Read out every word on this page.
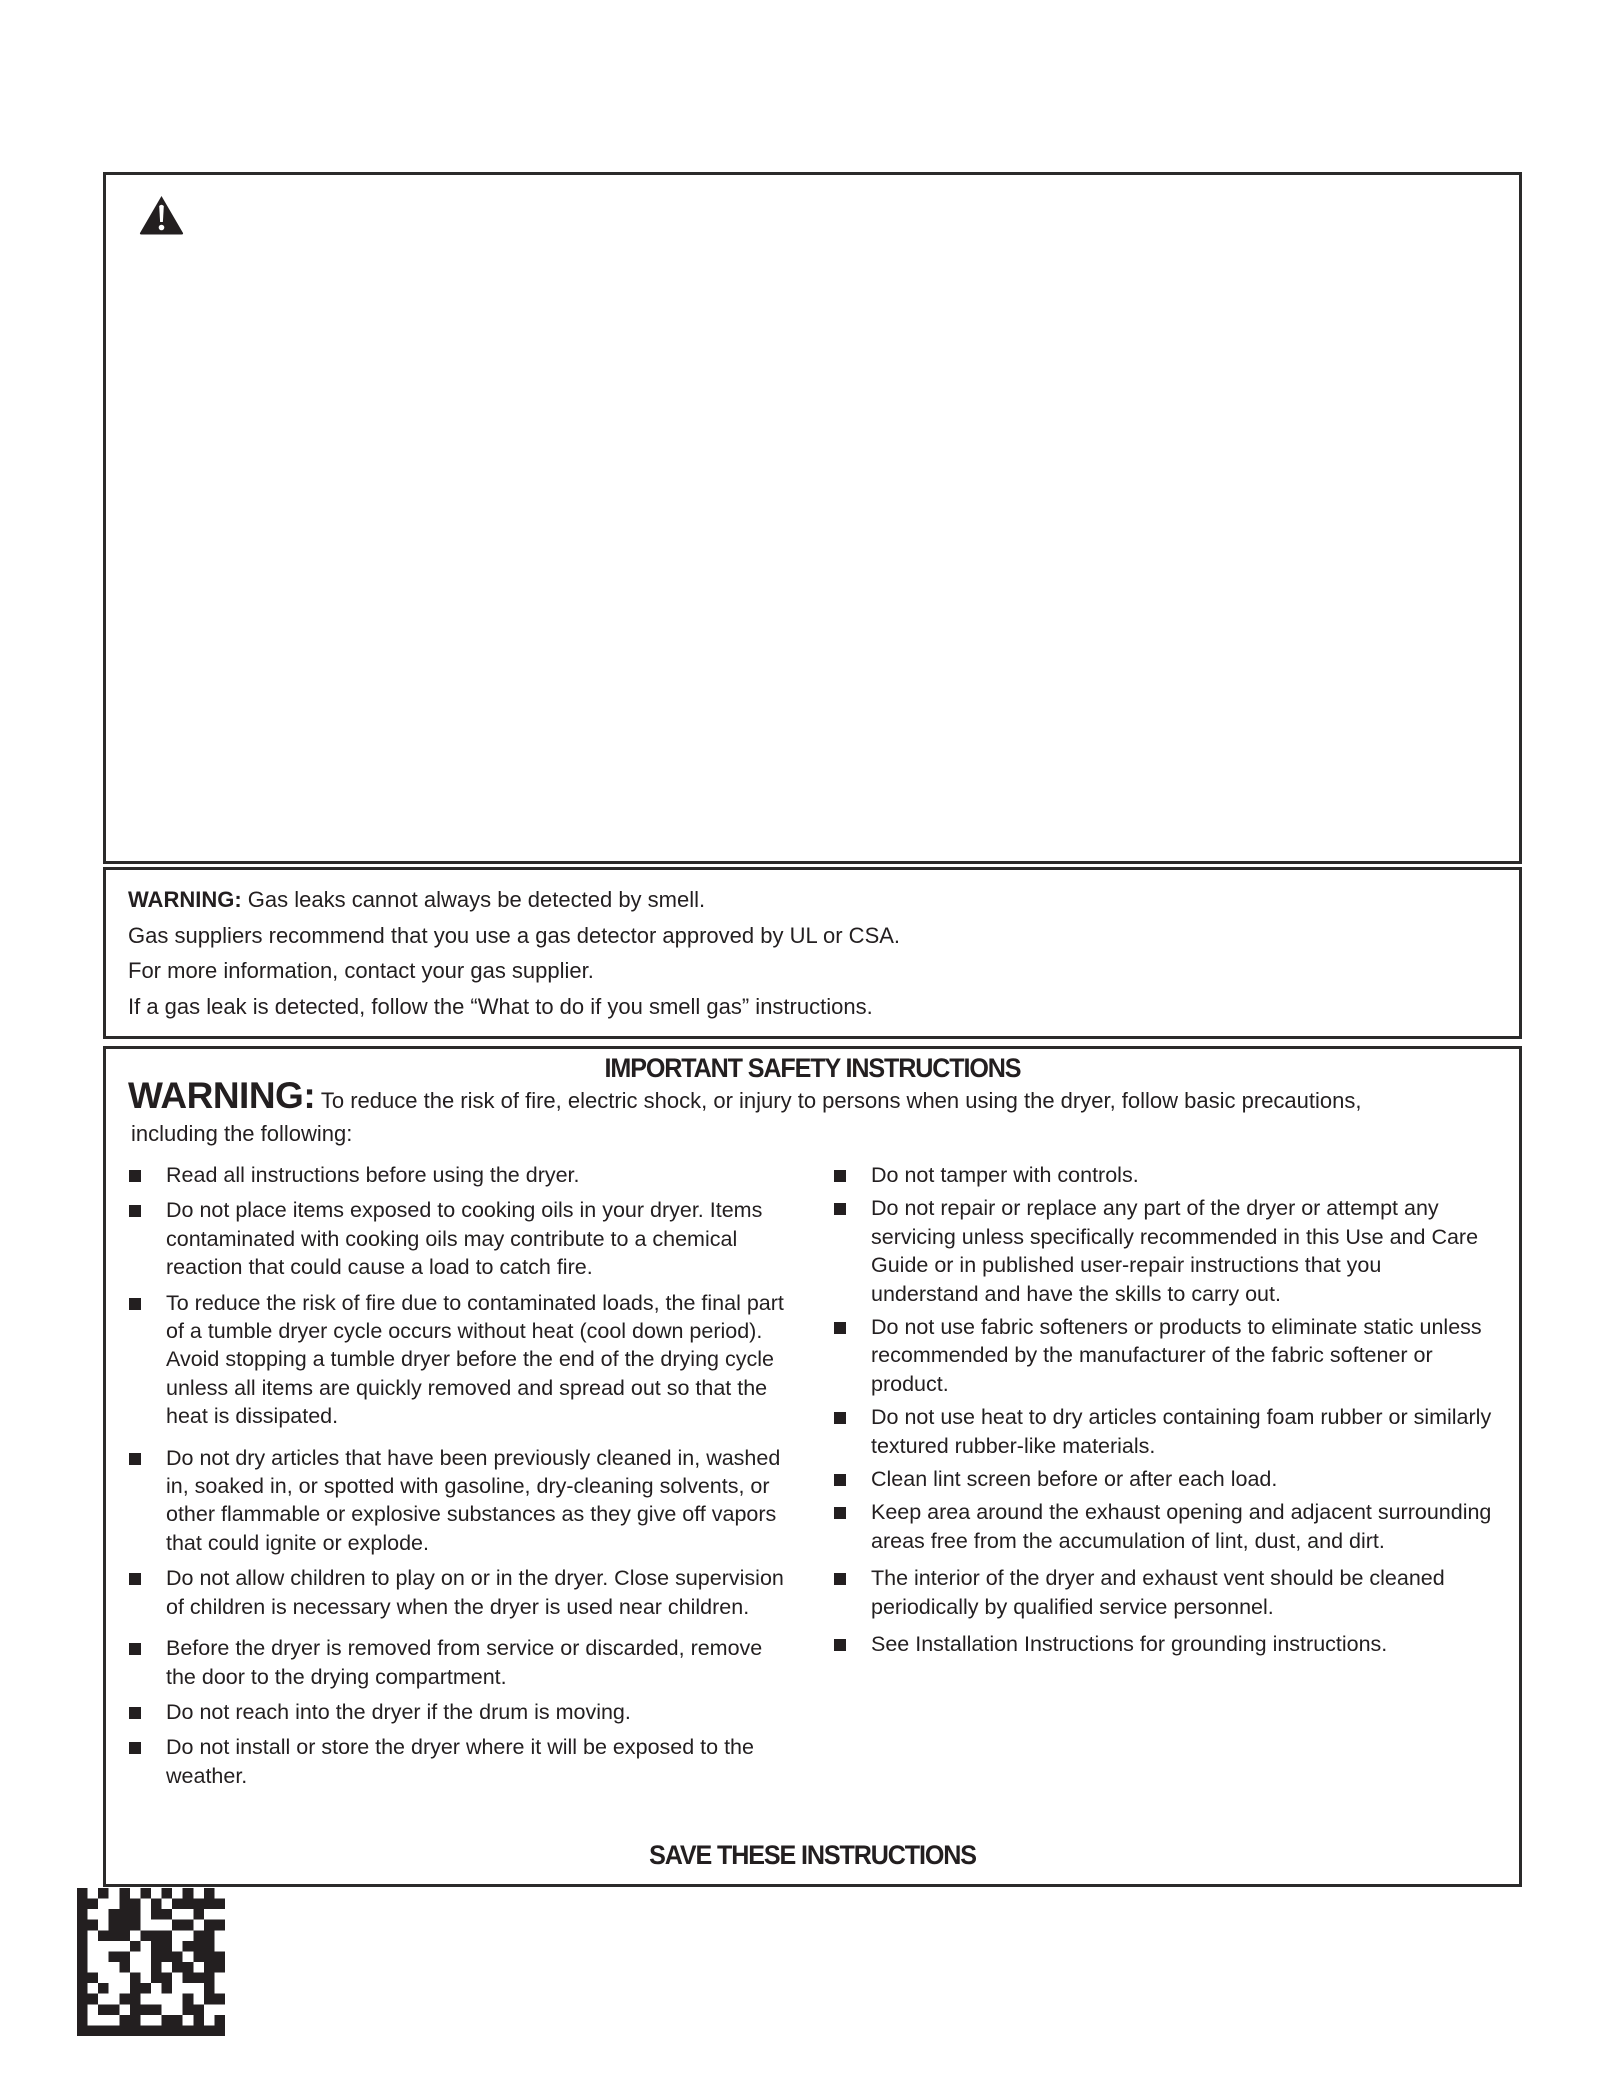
WARNING: Gas leaks cannot always be detected by smell.
Gas suppliers recommend that you use a gas detector approved by UL or CSA.
For more information, contact your gas supplier.
If a gas leak is detected, follow the “What to do if you smell gas” instructions.
IMPORTANT SAFETY INSTRUCTIONS
WARNING: To reduce the risk of fire, electric shock, or injury to persons when using the dryer, follow basic precautions,
including the following:
Read all instructions before using the dryer.
Do not place items exposed to cooking oils in your dryer. Items contaminated with cooking oils may contribute to a chemical reaction that could cause a load to catch fire.
To reduce the risk of fire due to contaminated loads, the final part of a tumble dryer cycle occurs without heat (cool down period). Avoid stopping a tumble dryer before the end of the drying cycle unless all items are quickly removed and spread out so that the heat is dissipated.
Do not dry articles that have been previously cleaned in, washed in, soaked in, or spotted with gasoline, dry-cleaning solvents, or other flammable or explosive substances as they give off vapors that could ignite or explode.
Do not allow children to play on or in the dryer. Close supervision of children is necessary when the dryer is used near children.
Before the dryer is removed from service or discarded, remove the door to the drying compartment.
Do not reach into the dryer if the drum is moving.
Do not install or store the dryer where it will be exposed to the weather.
Do not tamper with controls.
Do not repair or replace any part of the dryer or attempt any servicing unless specifically recommended in this Use and Care Guide or in published user-repair instructions that you understand and have the skills to carry out.
Do not use fabric softeners or products to eliminate static unless recommended by the manufacturer of the fabric softener or product.
Do not use heat to dry articles containing foam rubber or similarly textured rubber-like materials.
Clean lint screen before or after each load.
Keep area around the exhaust opening and adjacent surrounding areas free from the accumulation of lint, dust, and dirt.
The interior of the dryer and exhaust vent should be cleaned periodically by qualified service personnel.
See Installation Instructions for grounding instructions.
SAVE THESE INSTRUCTIONS
